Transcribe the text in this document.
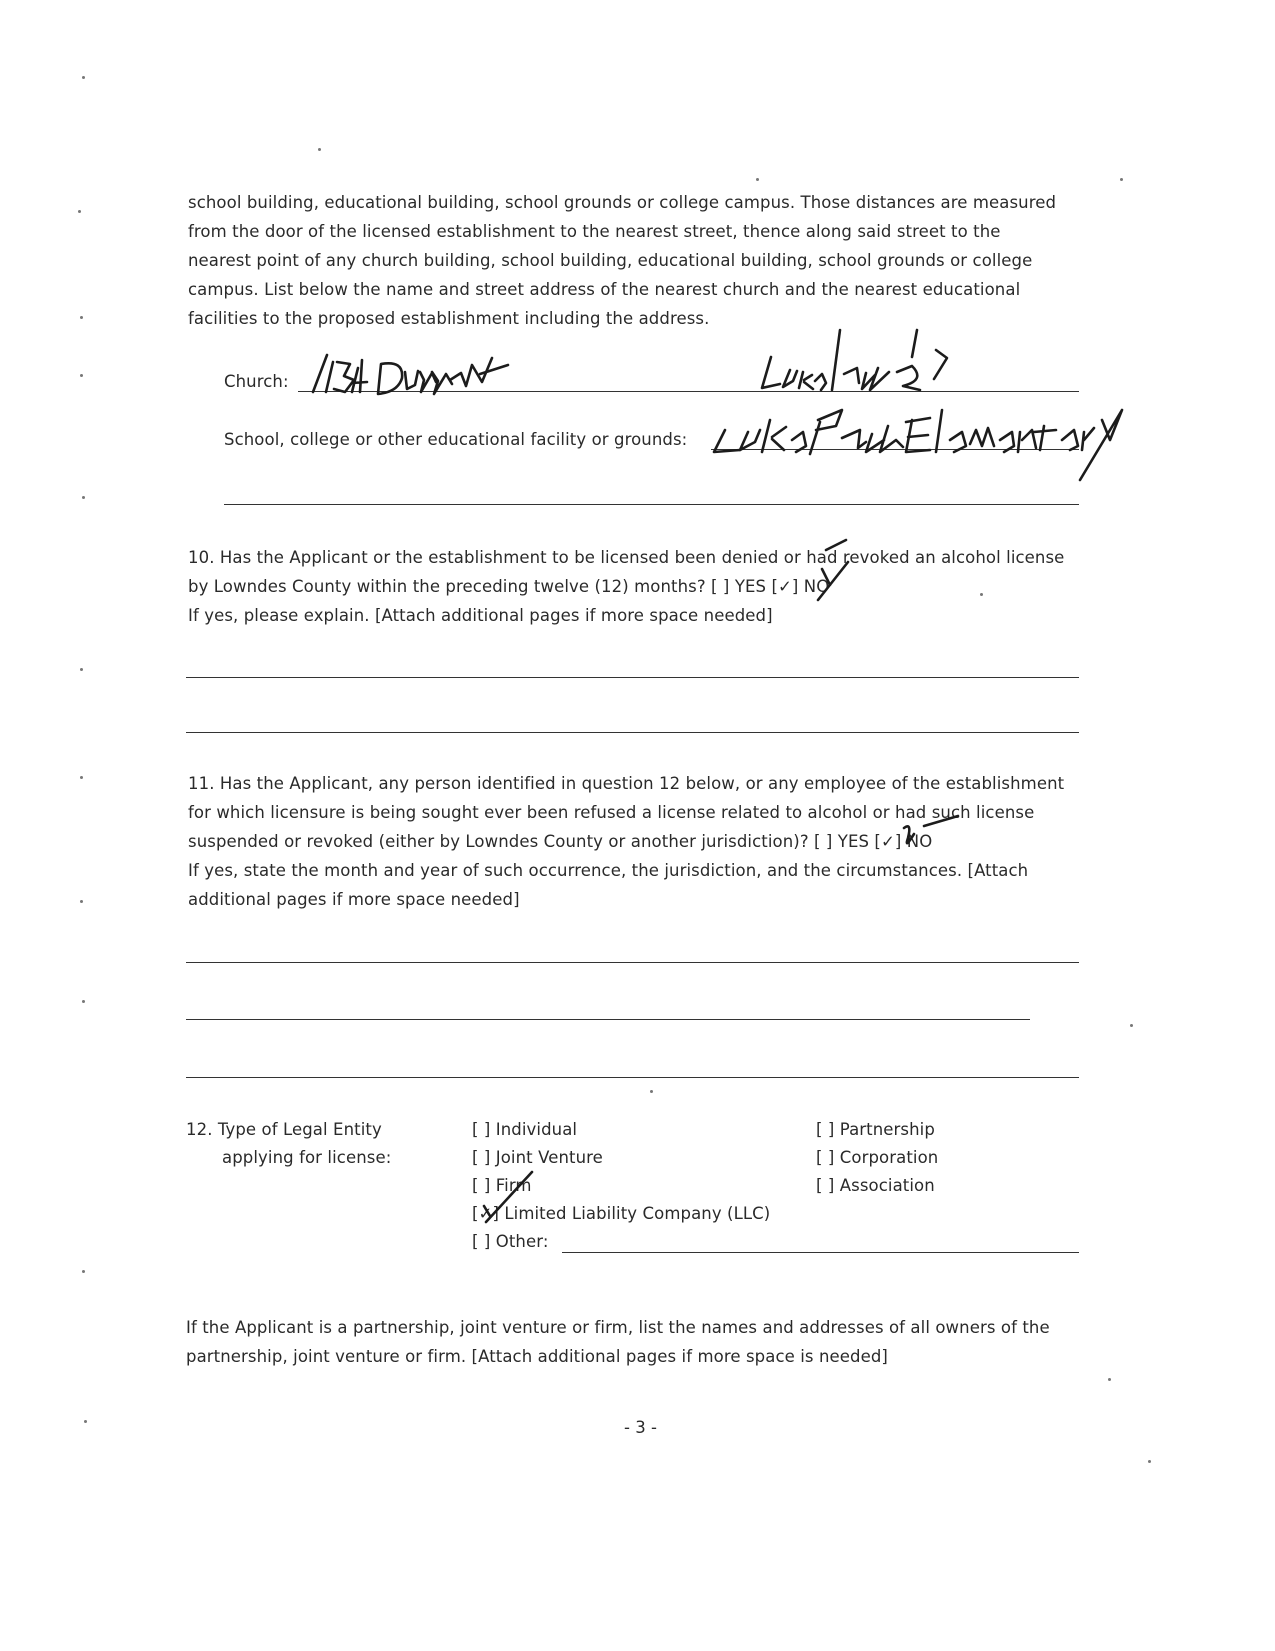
school building, educational building, school grounds or college campus. Those distances are measured
from the door of the licensed establishment to the nearest street, thence along said street to the
nearest point of any church building, school building, educational building, school grounds or college
campus. List below the name and street address of the nearest church and the nearest educational
facilities to the proposed establishment including the address.
Church:
School, college or other educational facility or grounds:
10. Has the Applicant or the establishment to be licensed been denied or had revoked an alcohol license
by Lowndes County within the preceding twelve (12) months? [ ] YES [✓] NO
If yes, please explain. [Attach additional pages if more space needed]
11. Has the Applicant, any person identified in question 12 below, or any employee of the establishment
for which licensure is being sought ever been refused a license related to alcohol or had such license
suspended or revoked (either by Lowndes County or another jurisdiction)? [ ] YES [✓] NO
If yes, state the month and year of such occurrence, the jurisdiction, and the circumstances. [Attach
additional pages if more space needed]
12. Type of Legal Entity
applying for license:
[ ] Individual
[ ] Joint Venture
[ ] Firm
[✓] Limited Liability Company (LLC)
[ ] Other:
[ ] Partnership
[ ] Corporation
[ ] Association
If the Applicant is a partnership, joint venture or firm, list the names and addresses of all owners of the
partnership, joint venture or firm. [Attach additional pages if more space is needed]
- 3 -
